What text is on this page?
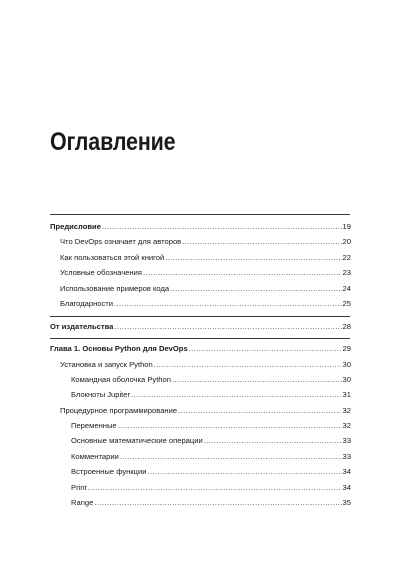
Оглавление
Предисловие .....	19
Что DevOps означает для авторов .....	20
Как пользоваться этой книгой .....	22
Условные обозначения .....	23
Использование примеров кода .....	24
Благодарности .....	25
От издательства .....	28
Глава 1. Основы Python для DevOps .....	29
Установка и запуск Python .....	30
Командная оболочка Python .....	30
Блокноты Jupiter .....	31
Процедурное программирование .....	32
Переменные .....	32
Основные математические операции .....	33
Комментарии .....	33
Встроенные функции .....	34
Print .....	34
Range .....	35
